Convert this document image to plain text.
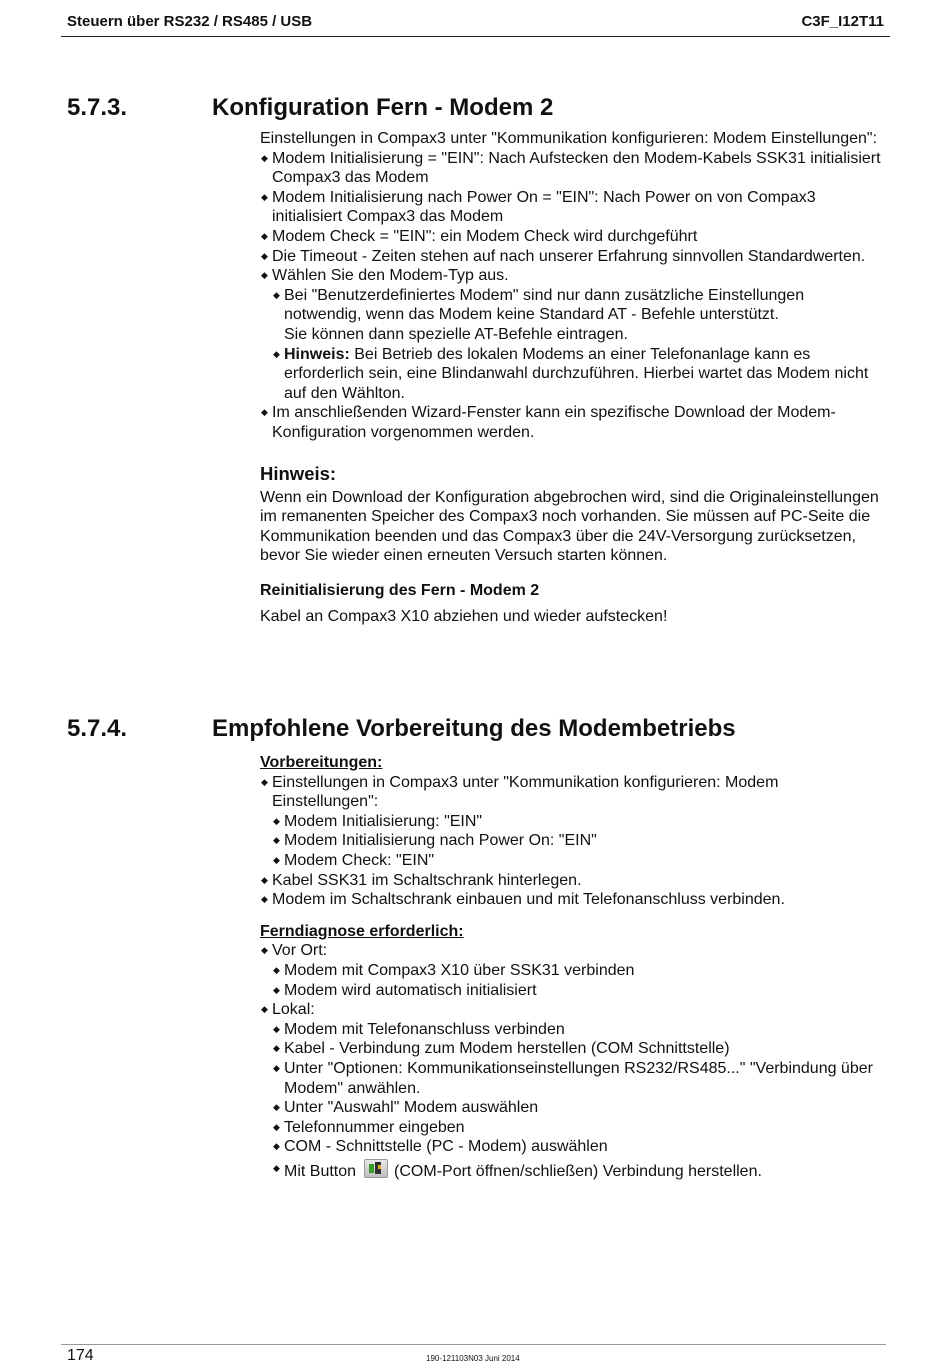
Steuern über RS232 / RS485 / USB	C3F_I12T11
5.7.3.	Konfiguration Fern - Modem 2

Einstellungen in Compax3 unter "Kommunikation konfigurieren: Modem Einstellungen":

◆ Modem Initialisierung = "EIN": Nach Aufstecken den Modem-Kabels SSK31 initialisiert Compax3 das Modem
◆ Modem Initialisierung nach Power On = "EIN": Nach Power on von Compax3 initialisiert Compax3 das Modem
◆ Modem Check = "EIN": ein Modem Check wird durchgeführt
◆ Die Timeout - Zeiten stehen auf nach unserer Erfahrung sinnvollen Standardwerten.
◆ Wählen Sie den Modem-Typ aus.
◆ Bei "Benutzerdefiniertes Modem" sind nur dann zusätzliche Einstellungen notwendig, wenn das Modem keine Standard AT - Befehle unterstützt.
Sie können dann spezielle AT-Befehle eintragen.
◆ Hinweis: Bei Betrieb des lokalen Modems an einer Telefonanlage kann es erforderlich sein, eine Blindanwahl durchzuführen. Hierbei wartet das Modem nicht auf den Wählton.
◆ Im anschließenden Wizard-Fenster kann ein spezifische Download der Modem-Konfiguration vorgenommen werden.

Hinweis:

Wenn ein Download der Konfiguration abgebrochen wird, sind die Originaleinstellungen im remanenten Speicher des Compax3 noch vorhanden. Sie müssen auf PC-Seite die Kommunikation beenden und das Compax3 über die 24V-Versorgung zurücksetzen, bevor Sie wieder einen erneuten Versuch starten können.

Reinitialisierung des Fern - Modem 2

Kabel an Compax3 X10 abziehen und wieder aufstecken!

5.7.4.	Empfohlene Vorbereitung des Modembetriebs

Vorbereitungen:

◆ Einstellungen in Compax3 unter "Kommunikation konfigurieren: Modem Einstellungen":
◆ Modem Initialisierung: "EIN"
◆ Modem Initialisierung nach Power On: "EIN"
◆ Modem Check: "EIN"
◆ Kabel SSK31 im Schaltschrank hinterlegen.
◆ Modem im Schaltschrank einbauen und mit Telefonanschluss verbinden.

Ferndiagnose erforderlich:

◆ Vor Ort:
◆ Modem mit Compax3 X10 über SSK31 verbinden
◆ Modem wird automatisch initialisiert
◆ Lokal:
◆ Modem mit Telefonanschluss verbinden
◆ Kabel - Verbindung zum Modem herstellen (COM Schnittstelle)
◆ Unter "Optionen: Kommunikationseinstellungen RS232/RS485..." "Verbindung über Modem" anwählen.
◆ Unter "Auswahl" Modem auswählen
◆ Telefonnummer eingeben
◆ COM - Schnittstelle (PC - Modem) auswählen
◆ Mit Button (COM-Port öffnen/schließen) Verbindung herstellen.
174	190-121103N03 Juni 2014
